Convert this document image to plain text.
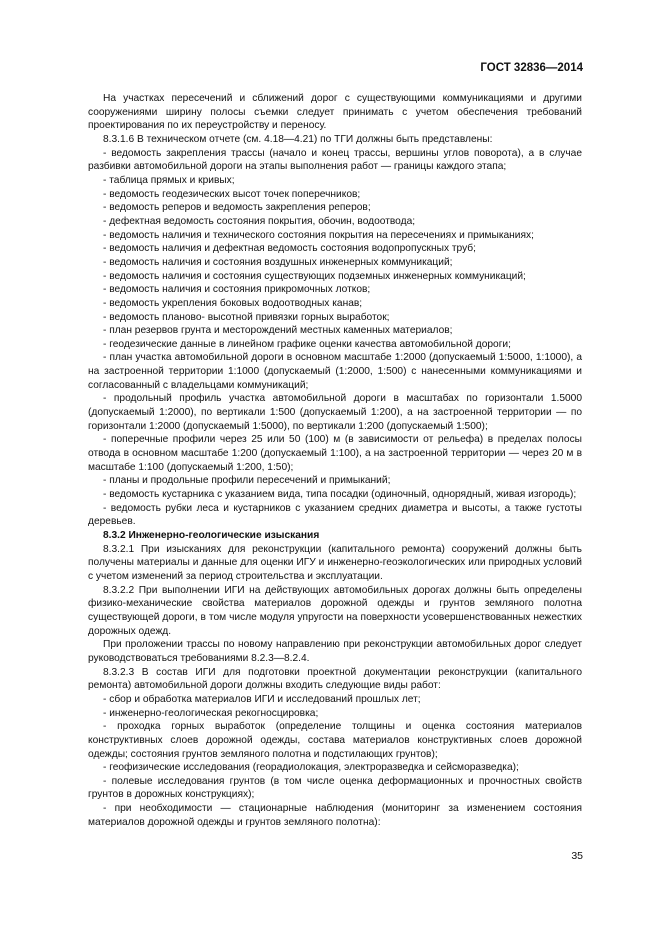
ГОСТ 32836—2014

На участках пересечений и сближений дорог с существующими коммуникациями и другими сооружениями ширину полосы съемки следует принимать с учетом обеспечения требований проектирования по их переустройству и переносу.

8.3.1.6 В техническом отчете (см. 4.18—4.21) по ТГИ должны быть представлены:

- ведомость закрепления трассы (начало и конец трассы, вершины углов поворота), а в случае разбивки автомобильной дороги на этапы выполнения работ — границы каждого этапа;

- таблица прямых и кривых;

- ведомость геодезических высот точек поперечников;

- ведомость реперов и ведомость закрепления реперов;

- дефектная ведомость состояния покрытия, обочин, водоотвода;

- ведомость наличия и технического состояния покрытия на пересечениях и примыканиях;

- ведомость наличия и дефектная ведомость состояния водопропускных труб;

- ведомость наличия и состояния воздушных инженерных коммуникаций;

- ведомость наличия и состояния существующих подземных инженерных коммуникаций;

- ведомость наличия и состояния прикромочных лотков;

- ведомость укрепления боковых водоотводных канав;

- ведомость планово- высотной привязки горных выработок;

- план резервов грунта и месторождений местных каменных материалов;

- геодезические данные в линейном графике оценки качества автомобильной дороги;

- план участка автомобильной дороги в основном масштабе 1:2000 (допускаемый 1:5000, 1:1000), а на застроенной территории 1:1000 (допускаемый (1:2000, 1:500) с нанесенными коммуникациями и согласованный с владельцами коммуникаций;

- продольный профиль участка автомобильной дороги в масштабах по горизонтали 1.5000 (допускаемый 1:2000), по вертикали 1:500 (допускаемый 1:200), а на застроенной территории — по горизонтали 1:2000 (допускаемый 1:5000), по вертикали 1:200 (допускаемый 1:500);

- поперечные профили через 25 или 50 (100) м (в зависимости от рельефа) в пределах полосы отвода в основном масштабе 1:200 (допускаемый 1:100), а на застроенной территории — через 20 м в масштабе 1:100 (допускаемый 1:200, 1:50);

- планы и продольные профили пересечений и примыканий;

- ведомость кустарника с указанием вида, типа посадки (одиночный, однорядный, живая изгородь);

- ведомость рубки леса и кустарников с указанием средних диаметра и высоты, а также густоты деревьев.

8.3.2 Инженерно-геологические изыскания

8.3.2.1 При изысканиях для реконструкции (капитального ремонта) сооружений должны быть получены материалы и данные для оценки ИГУ и инженерно-геоэкологических или природных условий с учетом изменений за период строительства и эксплуатации.

8.3.2.2 При выполнении ИГИ на действующих автомобильных дорогах должны быть определены физико-механические свойства материалов дорожной одежды и грунтов земляного полотна существующей дороги, в том числе модуля упругости на поверхности усовершенствованных нежестких дорожных одежд.

При проложении трассы по новому направлению при реконструкции автомобильных дорог следует руководствоваться требованиями 8.2.3—8.2.4.

8.3.2.3 В состав ИГИ для подготовки проектной документации реконструкции (капитального ремонта) автомобильной дороги должны входить следующие виды работ:

- сбор и обработка материалов ИГИ и исследований прошлых лет;

- инженерно-геологическая рекогносцировка;

- проходка горных выработок (определение толщины и оценка состояния материалов конструктивных слоев дорожной одежды, состава материалов конструктивных слоев дорожной одежды; состояния грунтов земляного полотна и подстилающих грунтов);

- геофизические исследования (георадиолокация, электроразведка и сейсморазведка);

- полевые исследования грунтов (в том числе оценка деформационных и прочностных свойств грунтов в дорожных конструкциях);

- при необходимости — стационарные наблюдения (мониторинг за изменением состояния материалов дорожной одежды и грунтов земляного полотна):

35
